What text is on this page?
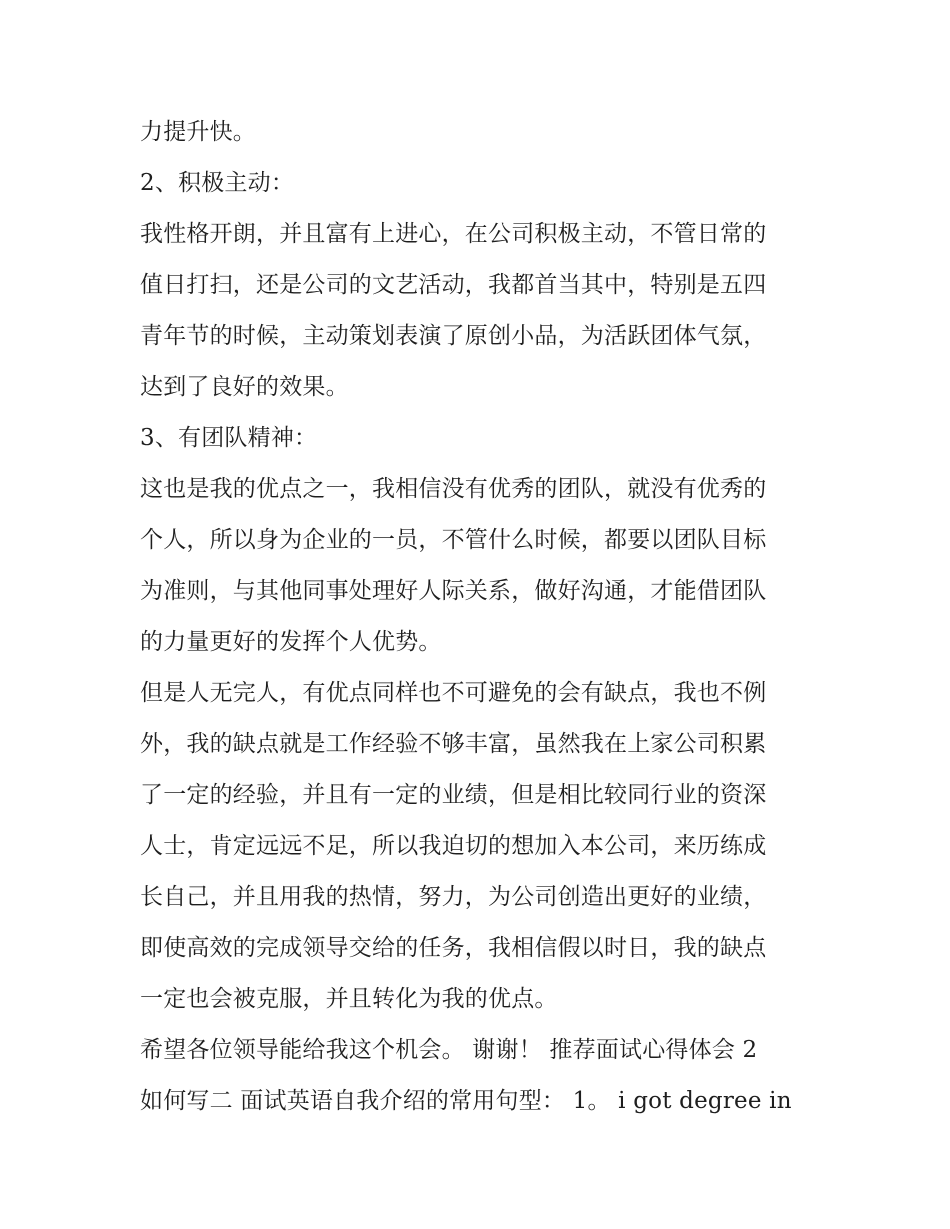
力提升快。
2、积极主动：
我性格开朗，并且富有上进心，在公司积极主动，不管日常的
值日打扫，还是公司的文艺活动，我都首当其中，特别是五四
青年节的时候，主动策划表演了原创小品，为活跃团体气氛，
达到了良好的效果。
3、有团队精神：
这也是我的优点之一，我相信没有优秀的团队，就没有优秀的
个人，所以身为企业的一员，不管什么时候，都要以团队目标
为准则，与其他同事处理好人际关系，做好沟通，才能借团队
的力量更好的发挥个人优势。
但是人无完人，有优点同样也不可避免的会有缺点，我也不例
外，我的缺点就是工作经验不够丰富，虽然我在上家公司积累
了一定的经验，并且有一定的业绩，但是相比较同行业的资深
人士，肯定远远不足，所以我迫切的想加入本公司，来历练成
长自己，并且用我的热情，努力，为公司创造出更好的业绩，
即使高效的完成领导交给的任务，我相信假以时日，我的缺点
一定也会被克服，并且转化为我的优点。
希望各位领导能给我这个机会。 谢谢！ 推荐面试心得体会 2
如何写二 面试英语自我介绍的常用句型： 1。 i got degree in
